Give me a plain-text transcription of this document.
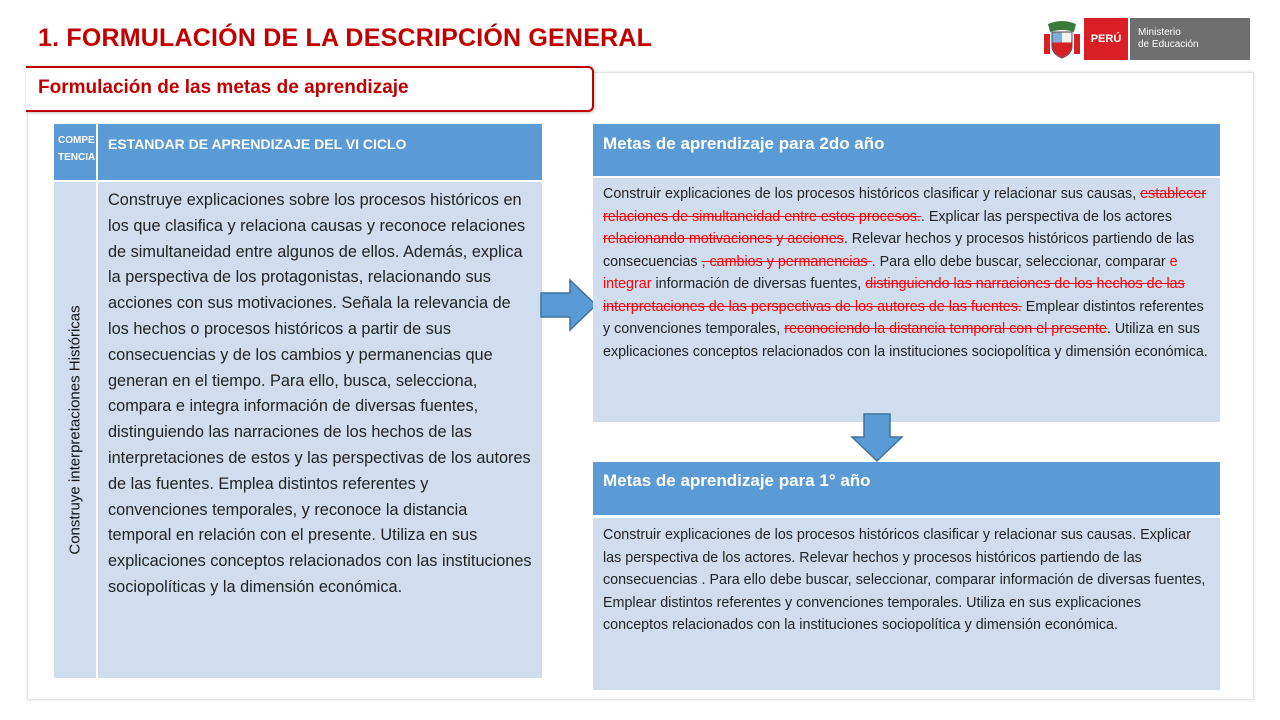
1. FORMULACIÓN DE LA DESCRIPCIÓN GENERAL	PERÚ
Ministerio
de Educación
Formulación de las metas de aprendizaje
COMPE
TENCIA
ESTANDAR DE APRENDIZAJE DEL VI CICLO
Construye interpretaciones Históricas
Construye explicaciones sobre los procesos históricos en los que clasifica y relaciona causas y reconoce relaciones de simultaneidad entre algunos de ellos. Además, explica la perspectiva de los protagonistas, relacionando sus acciones con sus motivaciones. Señala la relevancia de los hechos o procesos históricos a partir de sus consecuencias y de los cambios y permanencias que generan en el tiempo. Para ello, busca, selecciona, compara e integra información de diversas fuentes, distinguiendo las narraciones de los hechos de las interpretaciones de estos y las perspectivas de los autores de las fuentes. Emplea distintos referentes y convenciones temporales, y reconoce la distancia temporal en relación con el presente. Utiliza en sus explicaciones conceptos relacionados con las instituciones sociopolíticas y la dimensión económica.
Metas de aprendizaje para 2do año
Construir explicaciones de los procesos históricos clasificar y relacionar sus causas, establecer relaciones de simultaneidad entre estos procesos.. Explicar las perspectiva de los actores relacionando motivaciones y acciones. Relevar hechos y procesos históricos partiendo de las consecuencias , cambios y permanencias . Para ello debe buscar, seleccionar, comparar e integrar información de diversas fuentes, distinguiendo las narraciones de los hechos de las interpretaciones de las perspectivas de los autores de las fuentes. Emplear distintos referentes y convenciones temporales, reconociendo la distancia temporal con el presente. Utiliza en sus explicaciones conceptos relacionados con la instituciones sociopolítica y dimensión económica.
Metas de aprendizaje para 1° año
Construir explicaciones de los procesos históricos clasificar y relacionar sus causas. Explicar las perspectiva de los actores. Relevar hechos y procesos históricos partiendo de las consecuencias . Para ello debe buscar, seleccionar, comparar información de diversas fuentes, Emplear distintos referentes y convenciones temporales. Utiliza en sus explicaciones conceptos relacionados con la instituciones sociopolítica y dimensión económica.
